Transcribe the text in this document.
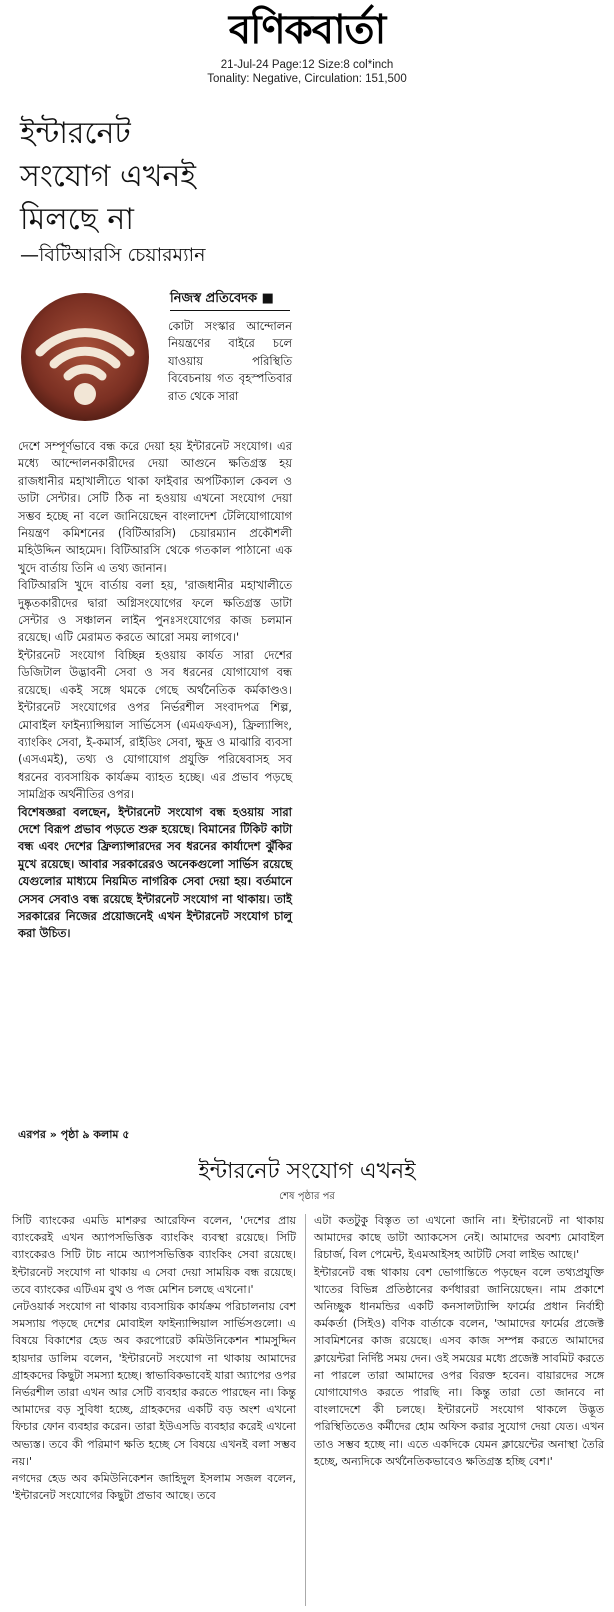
বণিকবার্তা
21-Jul-24 Page:12 Size:8 col*inch
Tonality: Negative, Circulation: 151,500
ইন্টারনেট
সংযোগ এখনই
মিলছে না
—বিটিআরসি চেয়ারম্যান
নিজস্ব প্রতিবেদক ■
কোটা সংস্কার আন্দোলন নিয়ন্ত্রণের বাইরে চলে যাওয়ায় পরিস্থিতি বিবেচনায় গত বৃহস্পতিবার রাত থেকে সারা
দেশে সম্পূর্ণভাবে বন্ধ করে দেয়া হয় ইন্টারনেট সংযোগ। এর মধ্যে আন্দোলনকারীদের দেয়া আগুনে ক্ষতিগ্রস্ত হয় রাজধানীর মহাখালীতে থাকা ফাইবার অপটিক্যাল কেবল ও ডাটা সেন্টার। সেটি ঠিক না হওয়ায় এখনো সংযোগ দেয়া সম্ভব হচ্ছে না বলে জানিয়েছেন বাংলাদেশ টেলিযোগাযোগ নিয়ন্ত্রণ কমিশনের (বিটিআরসি) চেয়ারম্যান প্রকৌশলী মহিউদ্দিন আহমেদ। বিটিআরসি থেকে গতকাল পাঠানো এক খুদে বার্তায় তিনি এ তথ্য জানান।
বিটিআরসি খুদে বার্তায় বলা হয়, 'রাজধানীর মহাখালীতে দুষ্কৃতকারীদের দ্বারা অগ্নিসংযোগের ফলে ক্ষতিগ্রস্ত ডাটা সেন্টার ও সঞ্চালন লাইন পুনঃসংযোগের কাজ চলমান রয়েছে। এটি মেরামত করতে আরো সময় লাগবে।'
ইন্টারনেট সংযোগ বিচ্ছিন্ন হওয়ায় কার্যত সারা দেশের ডিজিটাল উদ্ভাবনী সেবা ও সব ধরনের যোগাযোগ বন্ধ রয়েছে। একই সঙ্গে থমকে গেছে অর্থনৈতিক কর্মকাণ্ডও। ইন্টারনেট সংযোগের ওপর নির্ভরশীল সংবাদপত্র শিল্প, মোবাইল ফাইন্যান্সিয়াল সার্ভিসেস (এমএফএস), ফ্রিল্যান্সিং, ব্যাংকিং সেবা, ই-কমার্স, রাইডিং সেবা, ক্ষুদ্র ও মাঝারি ব্যবসা (এসএমই), তথ্য ও যোগাযোগ প্রযুক্তি পরিষেবাসহ সব ধরনের ব্যবসায়িক কার্যক্রম ব্যাহত হচ্ছে। এর প্রভাব পড়ছে সামগ্রিক অর্থনীতির ওপর।
বিশেষজ্ঞরা বলছেন, ইন্টারনেট সংযোগ বন্ধ হওয়ায় সারা দেশে বিরূপ প্রভাব পড়তে শুরু হয়েছে। বিমানের টিকিট কাটা বন্ধ এবং দেশের ফ্রিল্যান্সারদের সব ধরনের কার্যাদেশ ঝুঁকির মুখে রয়েছে। আবার সরকারেরও অনেকগুলো সার্ভিস রয়েছে যেগুলোর মাধ্যমে নিয়মিত নাগরিক সেবা দেয়া হয়। বর্তমানে সেসব সেবাও বন্ধ রয়েছে ইন্টারনেট সংযোগ না থাকায়। তাই সরকারের নিজের প্রয়োজনেই এখন ইন্টারনেট সংযোগ চালু করা উচিত।
এরপর » পৃষ্ঠা ৯ কলাম ৫
ইন্টারনেট সংযোগ এখনই
শেষ পৃষ্ঠার পর
সিটি ব্যাংকের এমডি মাশরুর আরেফিন বলেন, 'দেশের প্রায় ব্যাংকেরই এখন অ্যাপসভিত্তিক ব্যাংকিং ব্যবস্থা রয়েছে। সিটি ব্যাংকেরও সিটি টাচ নামে অ্যাপসভিত্তিক ব্যাংকিং সেবা রয়েছে। ইন্টারনেট সংযোগ না থাকায় এ সেবা দেয়া সাময়িক বন্ধ রয়েছে। তবে ব্যাংকের এটিএম বুথ ও পজ মেশিন চলছে এখনো।'
নেটওয়ার্ক সংযোগ না থাকায় ব্যবসায়িক কার্যক্রম পরিচালনায় বেশ সমস্যায় পড়ছে দেশের মোবাইল ফাইন্যান্সিয়াল সার্ভিসগুলো। এ বিষয়ে বিকাশের হেড অব করপোরেট কমিউনিকেশন শামসুদ্দিন হায়দার ডালিম বলেন, 'ইন্টারনেট সংযোগ না থাকায় আমাদের গ্রাহকদের কিছুটা সমস্যা হচ্ছে। স্বাভাবিকভাবেই যারা অ্যাপের ওপর নির্ভরশীল তারা এখন আর সেটি ব্যবহার করতে পারছেন না। কিন্তু আমাদের বড় সুবিধা হচ্ছে, গ্রাহকদের একটি বড় অংশ এখনো ফিচার ফোন ব্যবহার করেন। তারা ইউএসডি ব্যবহার করেই এখনো অভ্যস্ত। তবে কী পরিমাণ ক্ষতি হচ্ছে সে বিষয়ে এখনই বলা সম্ভব নয়।'
নগদের হেড অব কমিউনিকেশন জাহিদুল ইসলাম সজল বলেন, 'ইন্টারনেট সংযোগের কিছুটা প্রভাব আছে। তবে
এটা কতটুকু বিস্তৃত তা এখনো জানি না। ইন্টারনেট না থাকায় আমাদের কাছে ডাটা অ্যাকসেস নেই। আমাদের অবশ্য মোবাইল রিচার্জ, বিল পেমেন্ট, ইএমআইসহ আটটি সেবা লাইভ আছে।'
ইন্টারনেট বন্ধ থাকায় বেশ ভোগান্তিতে পড়ছেন বলে তথ্যপ্রযুক্তি খাতের বিভিন্ন প্রতিষ্ঠানের কর্ণধাররা জানিয়েছেন। নাম প্রকাশে অনিচ্ছুক ধানমন্ডির একটি কনসালট্যান্সি ফার্মের প্রধান নির্বাহী কর্মকর্তা (সিইও) বণিক বার্তাকে বলেন, 'আমাদের ফার্মের প্রজেক্ট সাবমিশনের কাজ রয়েছে। এসব কাজ সম্পন্ন করতে আমাদের ক্লায়েন্টরা নির্দিষ্ট সময় দেন। ওই সময়ের মধ্যে প্রজেক্ট সাবমিট করতে না পারলে তারা আমাদের ওপর বিরক্ত হবেন। বায়ারদের সঙ্গে যোগাযোগও করতে পারছি না। কিন্তু তারা তো জানবে না বাংলাদেশে কী চলছে। ইন্টারনেট সংযোগ থাকলে উদ্ভূত পরিস্থিতিতেও কর্মীদের হোম অফিস করার সুযোগ দেয়া যেত। এখন তাও সম্ভব হচ্ছে না। এতে একদিকে যেমন ক্লায়েন্টের অনাস্থা তৈরি হচ্ছে, অন্যদিকে অর্থনৈতিকভাবেও ক্ষতিগ্রস্ত হচ্ছি বেশ।'
